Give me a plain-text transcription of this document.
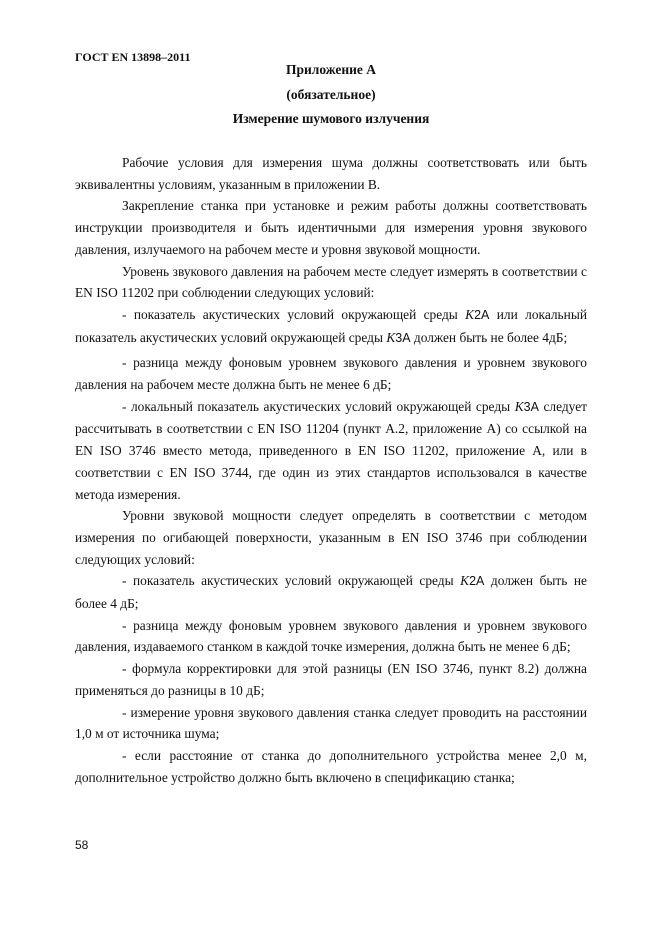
ГОСТ EN 13898–2011
Приложение А
(обязательное)
Измерение шумового излучения

Рабочие условия для измерения шума должны соответствовать или быть эквивалентны условиям, указанным в приложении В.

Закрепление станка при установке и режим работы должны соответствовать инструкции производителя и быть идентичными для измерения уровня звукового давления, излучаемого на рабочем месте и уровня звуковой мощности.

Уровень звукового давления на рабочем месте следует измерять в соответствии с EN ISO 11202 при соблюдении следующих условий:

- показатель акустических условий окружающей среды K2A или локальный показатель акустических условий окружающей среды K3A должен быть не более 4дБ;

- разница между фоновым уровнем звукового давления и уровнем звукового давления на рабочем месте должна быть не менее 6 дБ;

- локальный показатель акустических условий окружающей среды K3A следует рассчитывать в соответствии с EN ISO 11204 (пункт А.2, приложение А) со ссылкой на EN ISO 3746 вместо метода, приведенного в EN ISO 11202, приложение А, или в соответствии с EN ISO 3744, где один из этих стандартов использовался в качестве метода измерения.

Уровни звуковой мощности следует определять в соответствии с методом измерения по огибающей поверхности, указанным в EN ISO 3746 при соблюдении следующих условий:

- показатель акустических условий окружающей среды K2A должен быть не более 4 дБ;

- разница между фоновым уровнем звукового давления и уровнем звукового давления, издаваемого станком в каждой точке измерения, должна быть не менее 6 дБ;

- формула корректировки для этой разницы (EN ISO 3746, пункт 8.2) должна применяться до разницы в 10 дБ;

- измерение уровня звукового давления станка следует проводить на расстоянии 1,0 м от источника шума;

- если расстояние от станка до дополнительного устройства менее 2,0 м, дополнительное устройство должно быть включено в спецификацию станка;

58
